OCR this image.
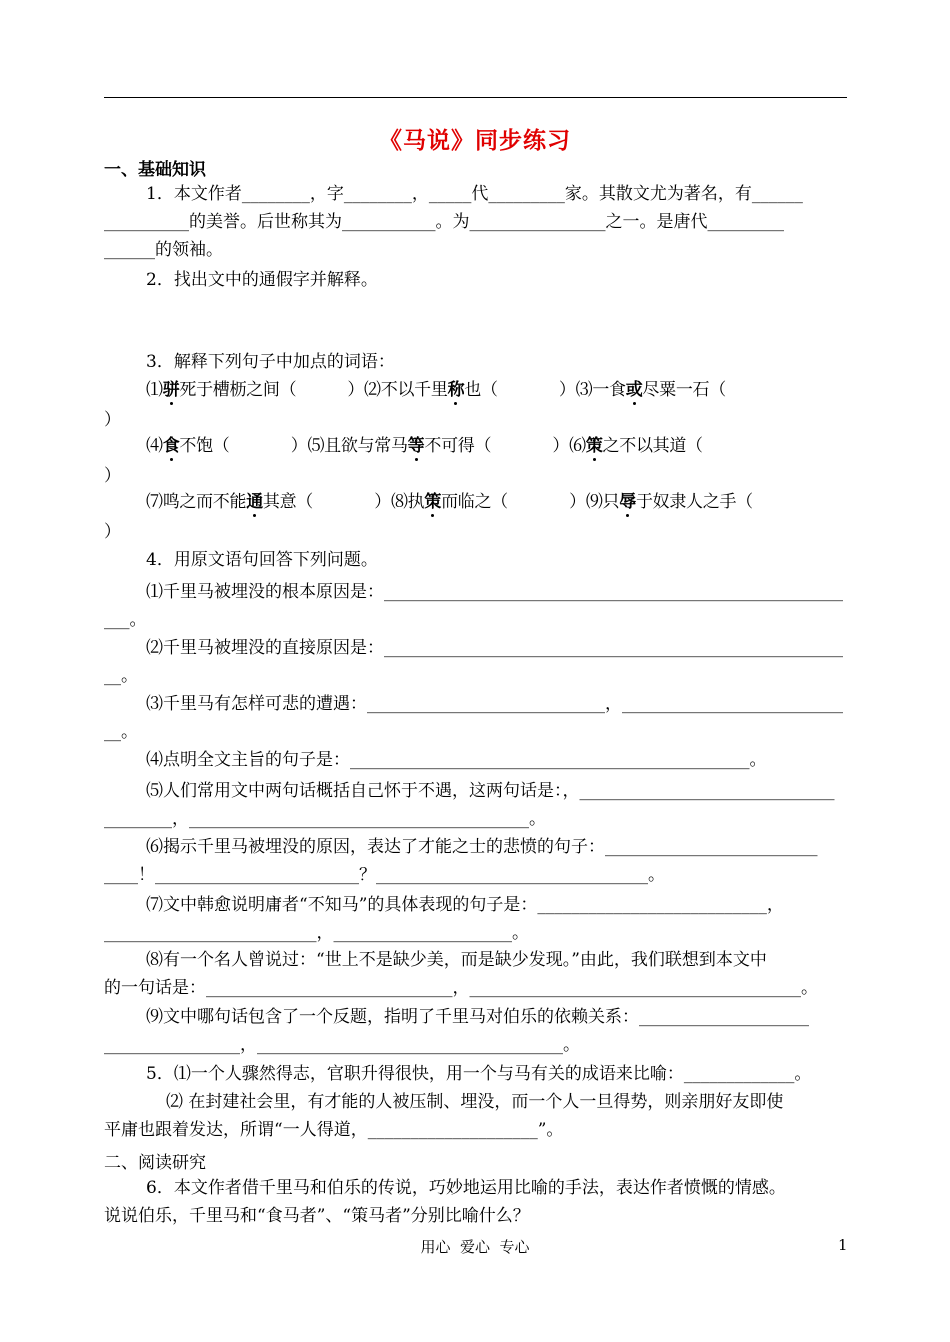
《马说》同步练习
一、基础知识
1．本文作者________，字________，_____代_________家。其散文尤为著名，有______
__________的美誉。后世称其为___________。为________________之一。是唐代_________
______的领袖。
2．找出文中的通假字并解释。
3．解释下列句子中加点的词语：
⑴骈死于槽枥之间（          ）⑵不以千里称也（            ）⑶一食或尽粟一石（
）
⑷食不饱（            ）⑸且欲与常马等不可得（            ）⑹策之不以其道（
）
⑺鸣之而不能通其意（            ）⑻执策而临之（            ）⑼只辱于奴隶人之手（
）
4．用原文语句回答下列问题。
⑴千里马被埋没的根本原因是：______________________________________________________
___。
⑵千里马被埋没的直接原因是：______________________________________________________
__。
⑶千里马有怎样可悲的遭遇：____________________________，__________________________
__。
⑷点明全文主旨的句子是：_______________________________________________。
⑸人们常用文中两句话概括自己怀于不遇，这两句话是：，______________________________
________，________________________________________。
⑹揭示千里马被埋没的原因，表达了才能之士的悲愤的句子：_________________________
____！________________________？________________________________。
⑺文中韩愈说明庸者“不知马”的具体表现的句子是：___________________________，
_________________________，_____________________。
⑻有一个名人曾说过：“世上不是缺少美，而是缺少发现。”由此，我们联想到本文中
的一句话是：_____________________________，_______________________________________。
⑼文中哪句话包含了一个反题，指明了千里马对伯乐的依赖关系：____________________
________________，____________________________________。
5．⑴一个人骤然得志，官职升得很快，用一个与马有关的成语来比喻：_____________。
⑵ 在封建社会里，有才能的人被压制、埋没，而一个人一旦得势，则亲朋好友即使
平庸也跟着发达，所谓“一人得道，____________________”。
二、阅读研究
6．本文作者借千里马和伯乐的传说，巧妙地运用比喻的手法，表达作者愤慨的情感。
说说伯乐，千里马和“食马者”、“策马者”分别比喻什么？
用心  爱心  专心	1
